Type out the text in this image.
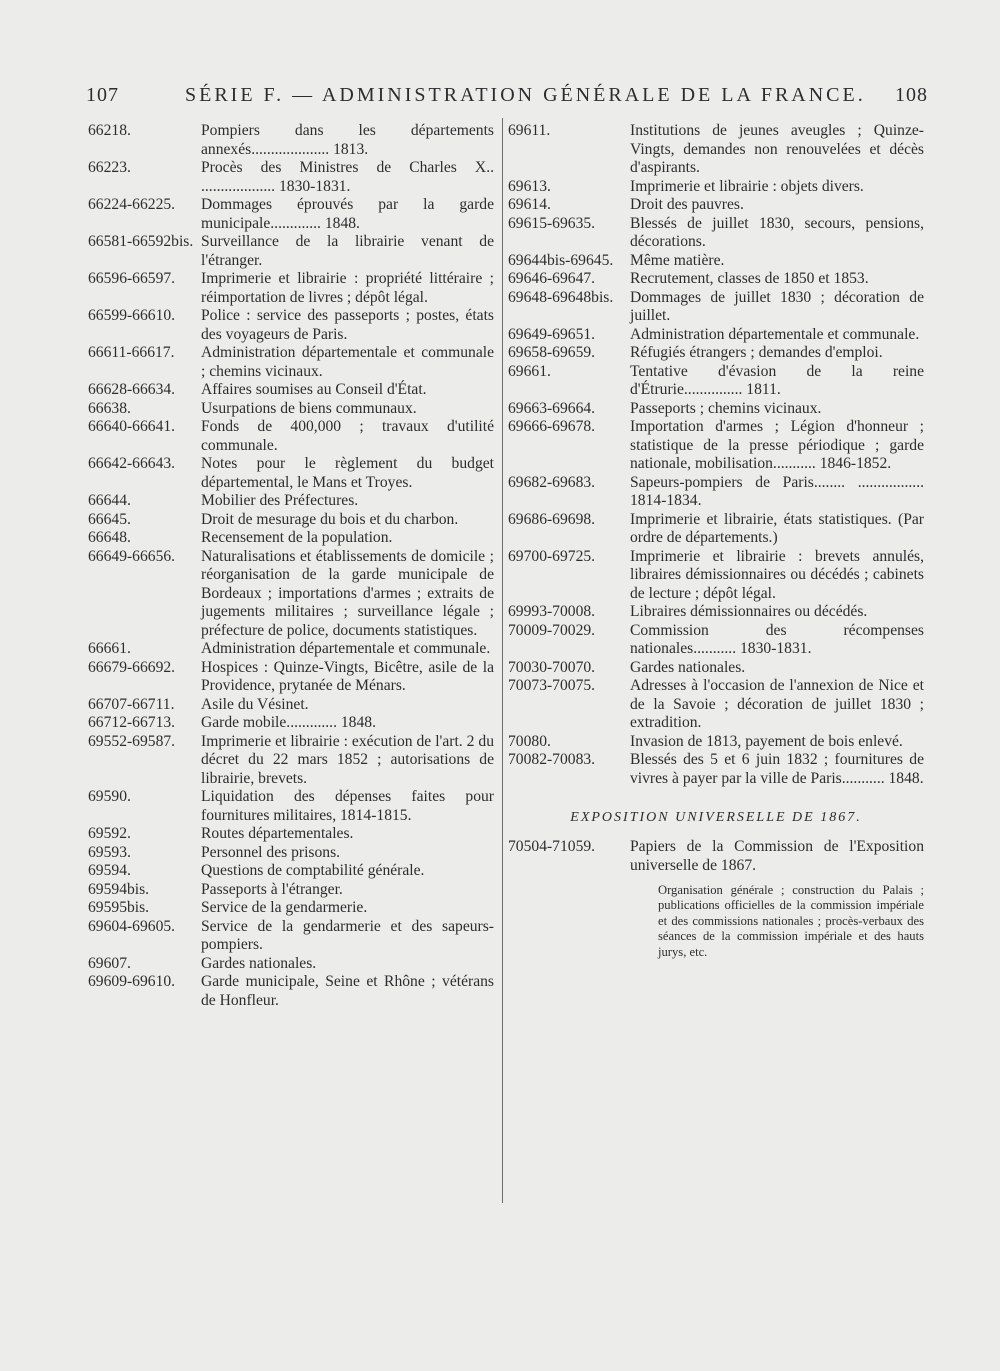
107	SÉRIE F. — ADMINISTRATION GÉNÉRALE DE LA FRANCE. 108
66218.	Pompiers dans les départements annexés.................... 1813.
66223.	Procès des Ministres de Charles X.. ................... 1830-1831.
66224-66225.	Dommages éprouvés par la garde municipale............. 1848.
66581-66592bis. Surveillance de la librairie venant de l'étranger.
66596-66597.	Imprimerie et librairie : propriété littéraire ; réimportation de livres ; dépôt légal.
66599-66610.	Police : service des passeports ; postes, états des voyageurs de Paris.
66611-66617.	Administration départementale et communale ; chemins vicinaux.
66628-66634.	Affaires soumises au Conseil d'État.
66638.	Usurpations de biens communaux.
66640-66641.	Fonds de 400,000 ; travaux d'utilité communale.
66642-66643.	Notes pour le règlement du budget départemental, le Mans et Troyes.
66644.	Mobilier des Préfectures.
66645.	Droit de mesurage du bois et du charbon.
66648.	Recensement de la population.
66649-66656.	Naturalisations et établissements de domicile ; réorganisation de la garde municipale de Bordeaux ; importations d'armes ; extraits de jugements militaires ; surveillance légale ; préfecture de police, documents statistiques.
66661.	Administration départementale et communale.
66679-66692.	Hospices : Quinze-Vingts, Bicêtre, asile de la Providence, prytanée de Ménars.
66707-66711.	Asile du Vésinet.
66712-66713.	Garde mobile............. 1848.
69552-69587.	Imprimerie et librairie : exécution de l'art. 2 du décret du 22 mars 1852 ; autorisations de librairie, brevets.
69590.	Liquidation des dépenses faites pour fournitures militaires, 1814-1815.
69592.	Routes départementales.
69593.	Personnel des prisons.
69594.	Questions de comptabilité générale.
69594bis.	Passeports à l'étranger.
69595bis.	Service de la gendarmerie.
69604-69605.	Service de la gendarmerie et des sapeurs-pompiers.
69607.	Gardes nationales.
69609-69610.	Garde municipale, Seine et Rhône ; vétérans de Honfleur.
69611.	Institutions de jeunes aveugles ; Quinze-Vingts, demandes non renouvelées et décès d'aspirants.
69613.	Imprimerie et librairie : objets divers.
69614.	Droit des pauvres.
69615-69635.	Blessés de juillet 1830, secours, pensions, décorations.
69644bis-69645.	Même matière.
69646-69647.	Recrutement, classes de 1850 et 1853.
69648-69648bis.	Dommages de juillet 1830 ; décoration de juillet.
69649-69651.	Administration départementale et communale.
69658-69659.	Réfugiés étrangers ; demandes d'emploi.
69661.	Tentative d'évasion de la reine d'Étrurie............... 1811.
69663-69664.	Passeports ; chemins vicinaux.
69666-69678.	Importation d'armes ; Légion d'honneur ; statistique de la presse périodique ; garde nationale, mobilisation........... 1846-1852.
69682-69683.	Sapeurs-pompiers de Paris........ ................. 1814-1834.
69686-69698.	Imprimerie et librairie, états statistiques. (Par ordre de départements.)
69700-69725.	Imprimerie et librairie : brevets annulés, libraires démissionnaires ou décédés ; cabinets de lecture ; dépôt légal.
69993-70008.	Libraires démissionnaires ou décédés.
70009-70029.	Commission des récompenses nationales........... 1830-1831.
70030-70070.	Gardes nationales.
70073-70075.	Adresses à l'occasion de l'annexion de Nice et de la Savoie ; décoration de juillet 1830 ; extradition.
70080.	Invasion de 1813, payement de bois enlevé.
70082-70083.	Blessés des 5 et 6 juin 1832 ; fournitures de vivres à payer par la ville de Paris........... 1848.
EXPOSITION UNIVERSELLE DE 1867.
70504-71059.	Papiers de la Commission de l'Exposition universelle de 1867.
Organisation générale ; construction du Palais ; publications officielles de la commission impériale et des commissions nationales ; procès-verbaux des séances de la commission impériale et des hauts jurys, etc.
